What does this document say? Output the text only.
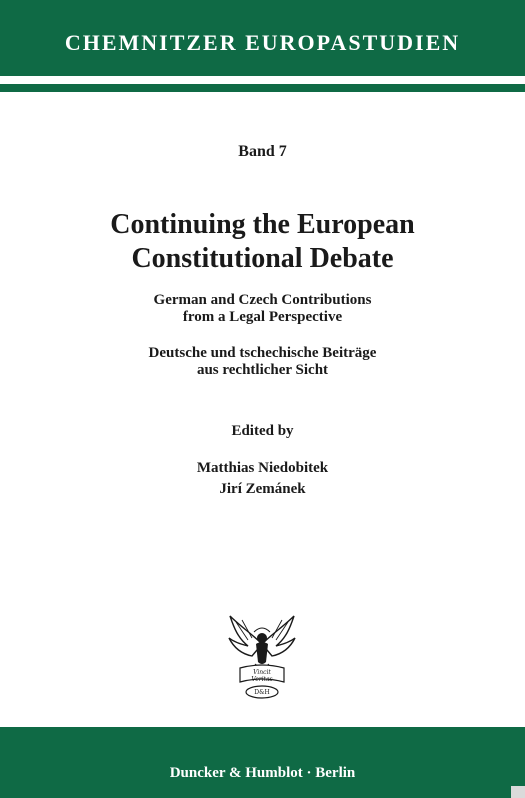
CHEMNITZER EUROPASTUDIEN
Band 7
Continuing the European
Constitutional Debate
German and Czech Contributions
from a Legal Perspective
Deutsche und tschechische Beiträge
aus rechtlicher Sicht
Edited by
Matthias Niedobitek
Jirí Zemánek
Vincit
Veritas
D&H
Duncker & Humblot · Berlin
